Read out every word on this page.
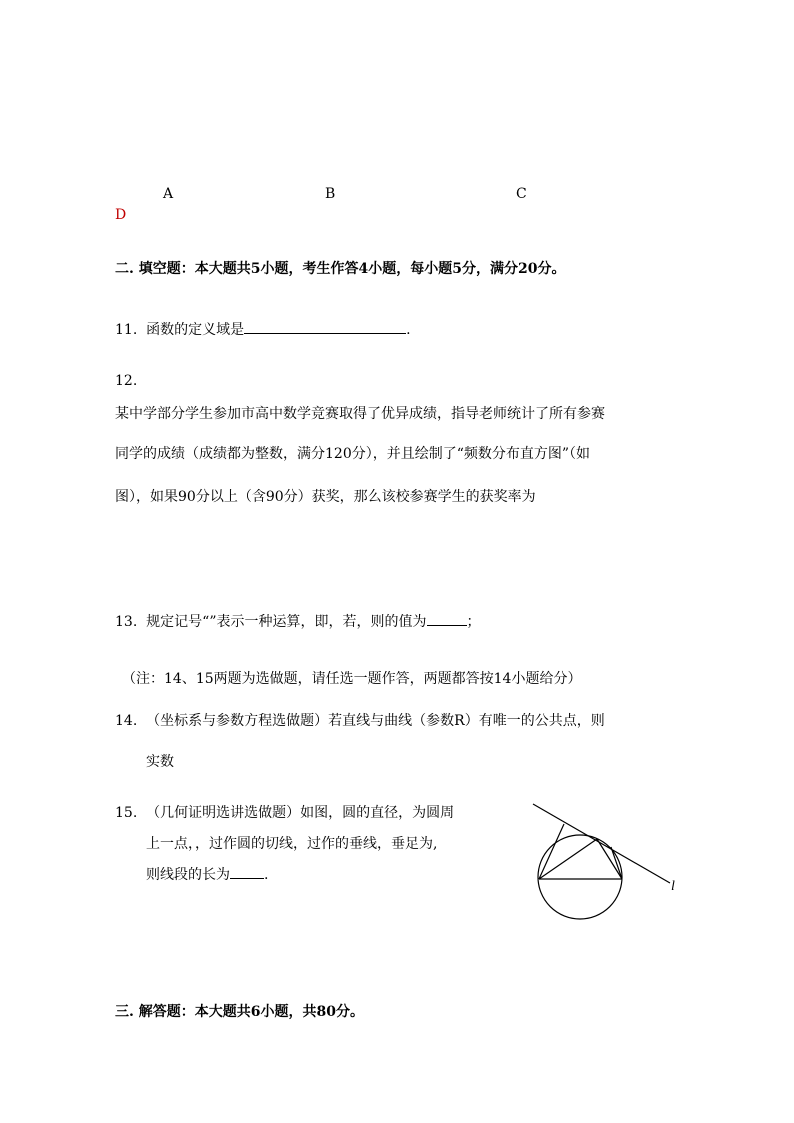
A	B	C
D
二. 填空题：本大题共5小题，考生作答4小题，每小题5分，满分20分。
11. 函数的定义域是	.
12.
某中学部分学生参加市高中数学竞赛取得了优异成绩，指导老师统计了所有参赛
同学的成绩（成绩都为整数，满分120分），并且绘制了“频数分布直方图”（如
图），如果90分以上（含90分）获奖，那么该校参赛学生的获奖率为
13. 规定记号“”表示一种运算，即，若，则的值为	；
（注：14、15两题为选做题，请任选一题作答，两题都答按14小题给分）
14. （坐标系与参数方程选做题）若直线与曲线（参数R）有唯一的公共点，则
实数
15. （几何证明选讲选做题）如图，圆的直径，为圆周
上一点，，过作圆的切线，过作的垂线，垂足为,
则线段的长为 .
l
三. 解答题：本大题共6小题，共80分。
